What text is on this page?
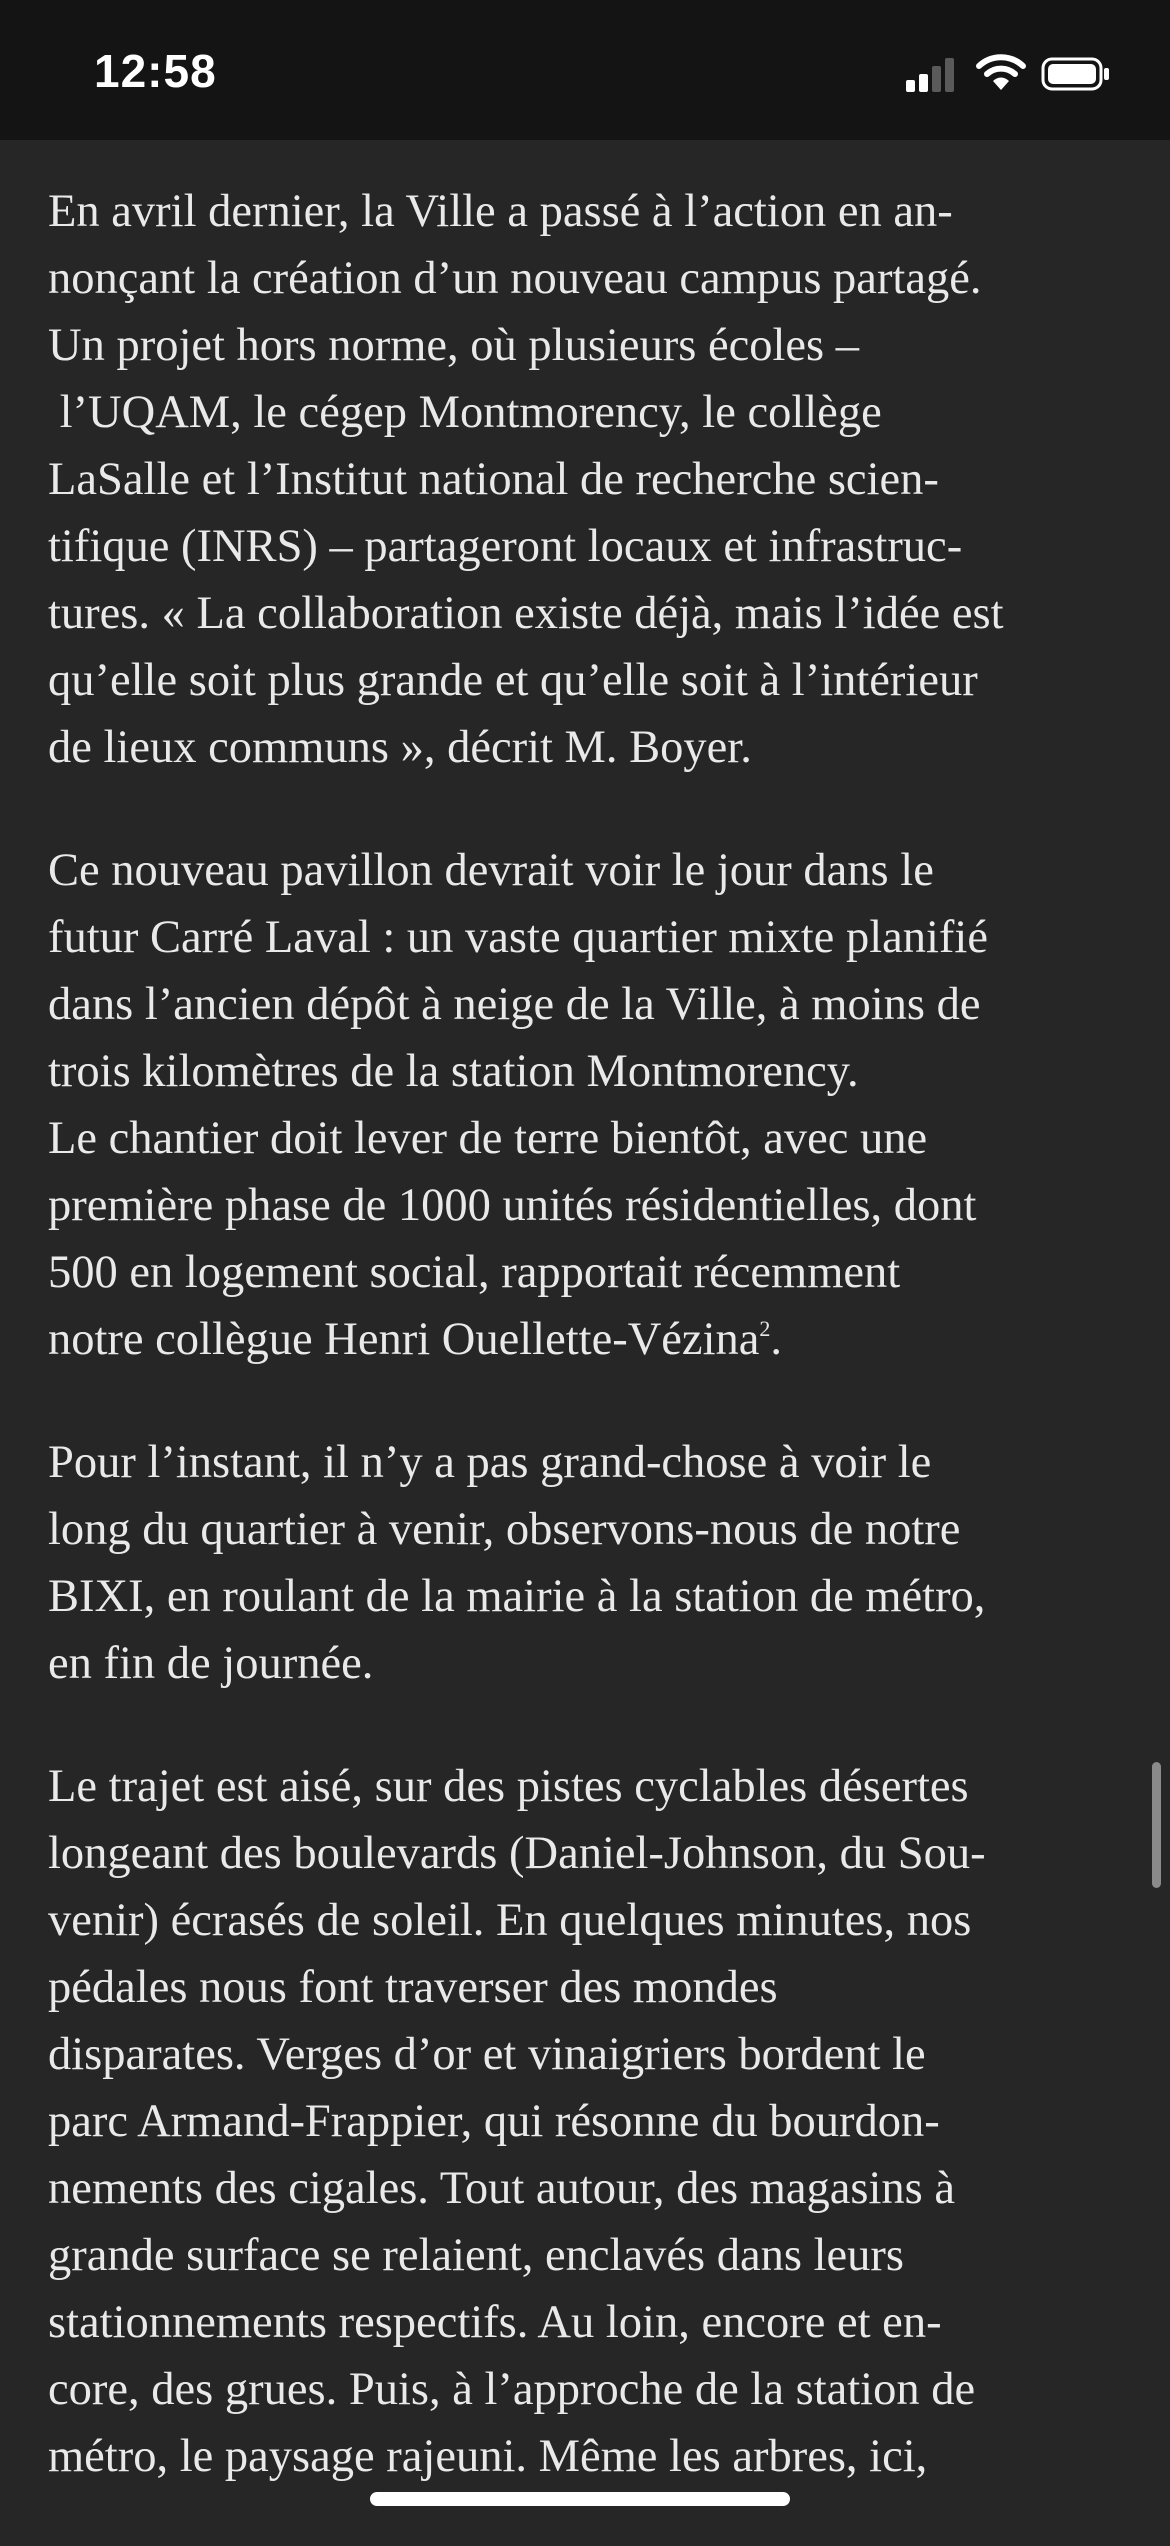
12:58

En avril dernier, la Ville a passé à l’action en an-
nonçant la création d’un nouveau campus partagé.
Un projet hors norme, où plusieurs écoles –
l’UQAM, le cégep Montmorency, le collège
LaSalle et l’Institut national de recherche scien-
tifique (INRS) – partageront locaux et infrastruc-
tures. « La collaboration existe déjà, mais l’idée est
qu’elle soit plus grande et qu’elle soit à l’intérieur
de lieux communs », décrit M. Boyer.

Ce nouveau pavillon devrait voir le jour dans le
futur Carré Laval : un vaste quartier mixte planifié
dans l’ancien dépôt à neige de la Ville, à moins de
trois kilomètres de la station Montmorency.
Le chantier doit lever de terre bientôt, avec une
première phase de 1000 unités résidentielles, dont
500 en logement social, rapportait récemment
notre collègue Henri Ouellette-Vézina$^2$.

Pour l’instant, il n’y a pas grand-chose à voir le
long du quartier à venir, observons-nous de notre
BIXI, en roulant de la mairie à la station de métro,
en fin de journée.

Le trajet est aisé, sur des pistes cyclables désertes
longeant des boulevards (Daniel-Johnson, du Sou-
venir) écrasés de soleil. En quelques minutes, nos
pédales nous font traverser des mondes
disparates. Verges d’or et vinaigriers bordent le
parc Armand-Frappier, qui résonne du bourdon-
nements des cigales. Tout autour, des magasins à
grande surface se relaient, enclavés dans leurs
stationnements respectifs. Au loin, encore et en-
core, des grues. Puis, à l’approche de la station de
métro, le paysage rajeuni. Même les arbres, ici,
